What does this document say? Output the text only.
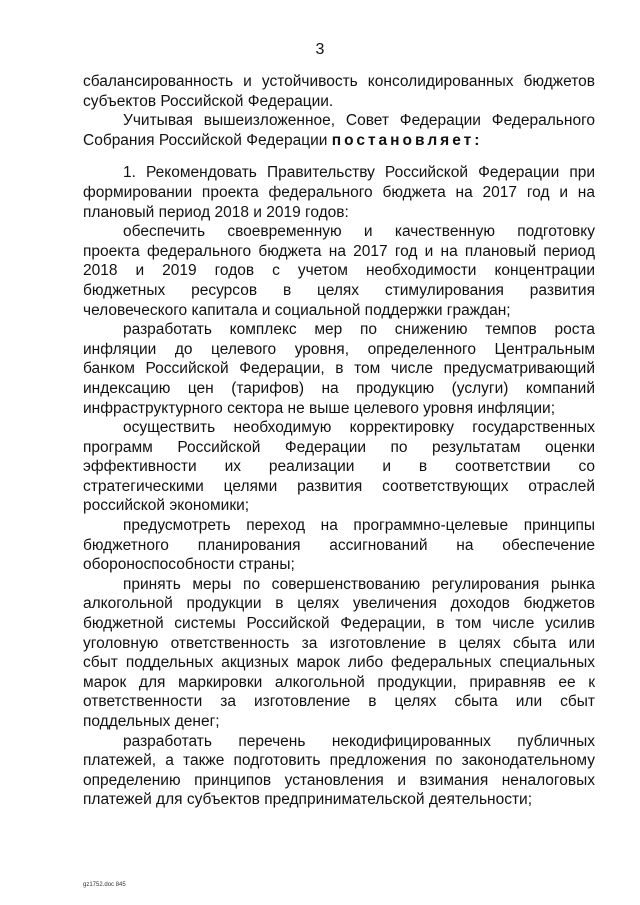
3
сбалансированность и устойчивость консолидированных бюджетов
субъектов Российской Федерации.
Учитывая вышеизложенное, Совет Федерации Федерального
Собрания Российской Федерации постановляет:
1. Рекомендовать Правительству Российской Федерации при
формировании проекта федерального бюджета на 2017 год и на
плановый период 2018 и 2019 годов:
обеспечить своевременную и качественную подготовку
проекта федерального бюджета на 2017 год и на плановый период
2018 и 2019 годов с учетом необходимости концентрации
бюджетных ресурсов в целях стимулирования развития
человеческого капитала и социальной поддержки граждан;
разработать комплекс мер по снижению темпов роста
инфляции до целевого уровня, определенного Центральным
банком Российской Федерации, в том числе предусматривающий
индексацию цен (тарифов) на продукцию (услуги) компаний
инфраструктурного сектора не выше целевого уровня инфляции;
осуществить необходимую корректировку государственных
программ Российской Федерации по результатам оценки
эффективности их реализации и в соответствии со
стратегическими целями развития соответствующих отраслей
российской экономики;
предусмотреть переход на программно-целевые принципы
бюджетного планирования ассигнований на обеспечение
обороноспособности страны;
принять меры по совершенствованию регулирования рынка
алкогольной продукции в целях увеличения доходов бюджетов
бюджетной системы Российской Федерации, в том числе усилив
уголовную ответственность за изготовление в целях сбыта или
сбыт поддельных акцизных марок либо федеральных специальных
марок для маркировки алкогольной продукции, приравняв ее к
ответственности за изготовление в целях сбыта или сбыт
поддельных денег;
разработать перечень некодифицированных публичных
платежей, а также подготовить предложения по законодательному
определению принципов установления и взимания неналоговых
платежей для субъектов предпринимательской деятельности;
gz1752.doc 845
